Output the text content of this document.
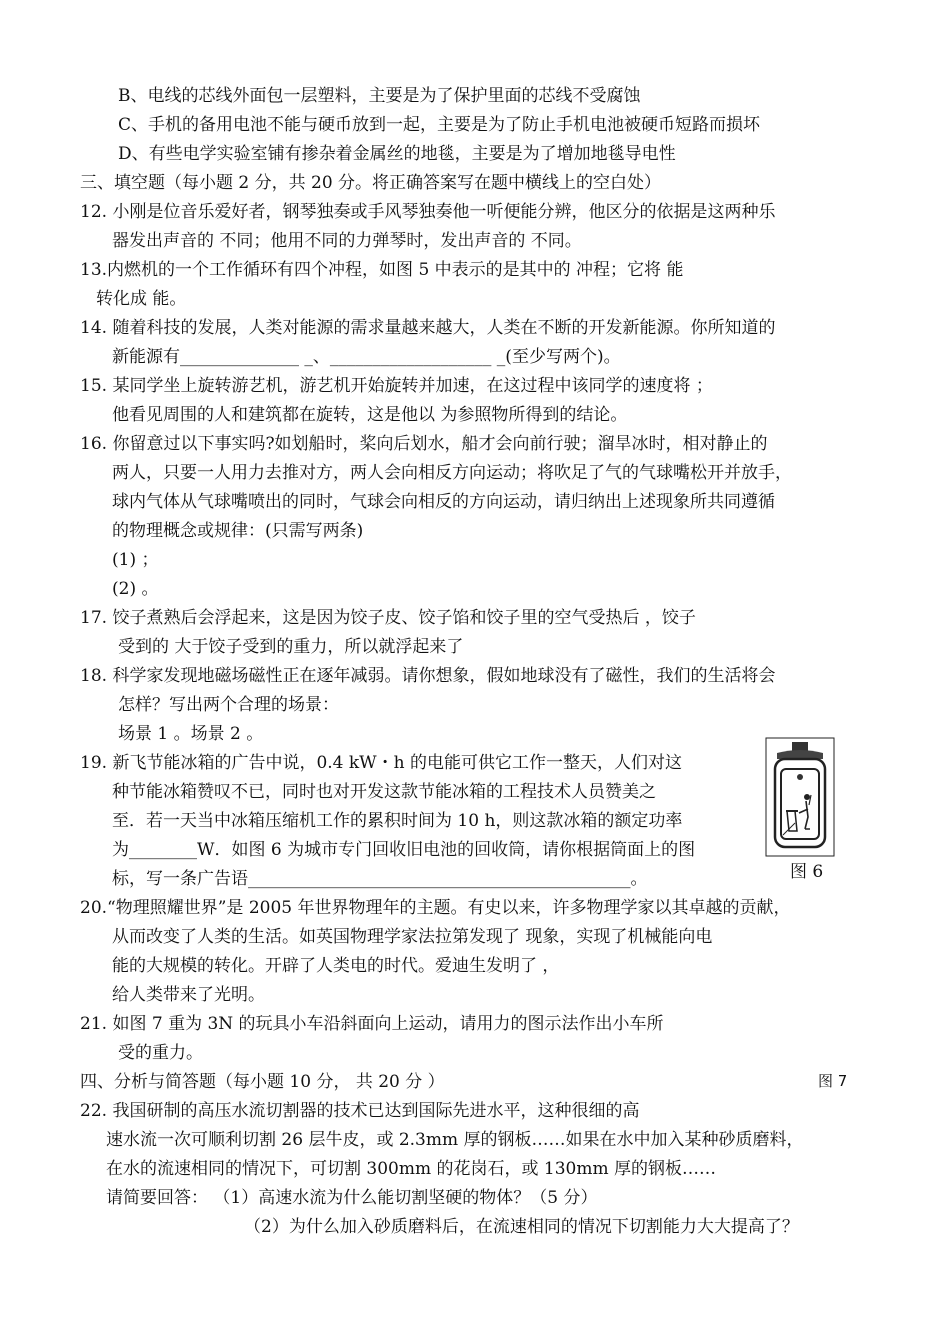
B、电线的芯线外面包一层塑料，主要是为了保护里面的芯线不受腐蚀
C、手机的备用电池不能与硬币放到一起，主要是为了防止手机电池被硬币短路而损坏
D、有些电学实验室铺有掺杂着金属丝的地毯，主要是为了增加地毯导电性
三、填空题（每小题 2 分，共 20 分。将正确答案写在题中横线上的空白处）
12. 小刚是位音乐爱好者，钢琴独奏或手风琴独奏他一听便能分辨，他区分的依据是这两种乐
器发出声音的 不同；他用不同的力弹琴时，发出声音的 不同。
13.内燃机的一个工作循环有四个冲程，如图 5 中表示的是其中的 冲程；它将 能
转化成 能。
14. 随着科技的发展，人类对能源的需求量越来越大，人类在不断的开发新能源。你所知道的
新能源有______________ _、___________________ _(至少写两个)。
15. 某同学坐上旋转游艺机，游艺机开始旋转并加速，在这过程中该同学的速度将 ；
他看见周围的人和建筑都在旋转，这是他以 为参照物所得到的结论。
16. 你留意过以下事实吗?如划船时，桨向后划水，船才会向前行驶；溜旱冰时，相对静止的
两人，只要一人用力去推对方，两人会向相反方向运动；将吹足了气的气球嘴松开并放手，
球内气体从气球嘴喷出的同时，气球会向相反的方向运动，请归纳出上述现象所共同遵循
的物理概念或规律：(只需写两条)
(1) ；
(2) 。
17. 饺子煮熟后会浮起来，这是因为饺子皮、饺子馅和饺子里的空气受热后 ，饺子
受到的 大于饺子受到的重力，所以就浮起来了
18. 科学家发现地磁场磁性正在逐年减弱。请你想象，假如地球没有了磁性，我们的生活将会
怎样？写出两个合理的场景：
场景 1 。场景 2 。
19. 新飞节能冰箱的广告中说，0.4 kW・h 的电能可供它工作一整天，人们对这
种节能冰箱赞叹不已，同时也对开发这款节能冰箱的工程技术人员赞美之
至．若一天当中冰箱压缩机工作的累积时间为 10 h，则这款冰箱的额定功率
为________W．如图 6 为城市专门回收旧电池的回收筒，请你根据筒面上的图
标，写一条广告语_____________________________________________。
20.“物理照耀世界”是 2005 年世界物理年的主题。有史以来，许多物理学家以其卓越的贡献，
从而改变了人类的生活。如英国物理学家法拉第发现了 现象，实现了机械能向电
能的大规模的转化。开辟了人类电的时代。爱迪生发明了 ，
给人类带来了光明。
21. 如图 7 重为 3N 的玩具小车沿斜面向上运动，请用力的图示法作出小车所
受的重力。
四、分析与简答题（每小题 10 分， 共 20 分 ）
22. 我国研制的高压水流切割器的技术已达到国际先进水平，这种很细的高
速水流一次可顺利切割 26 层牛皮，或 2.3mm 厚的钢板……如果在水中加入某种砂质磨料，
在水的流速相同的情况下，可切割 300mm 的花岗石，或 130mm 厚的钢板……
请简要回答： （1）高速水流为什么能切割坚硬的物体？（5 分）
（2）为什么加入砂质磨料后，在流速相同的情况下切割能力大大提高了？
图 6
图 7
